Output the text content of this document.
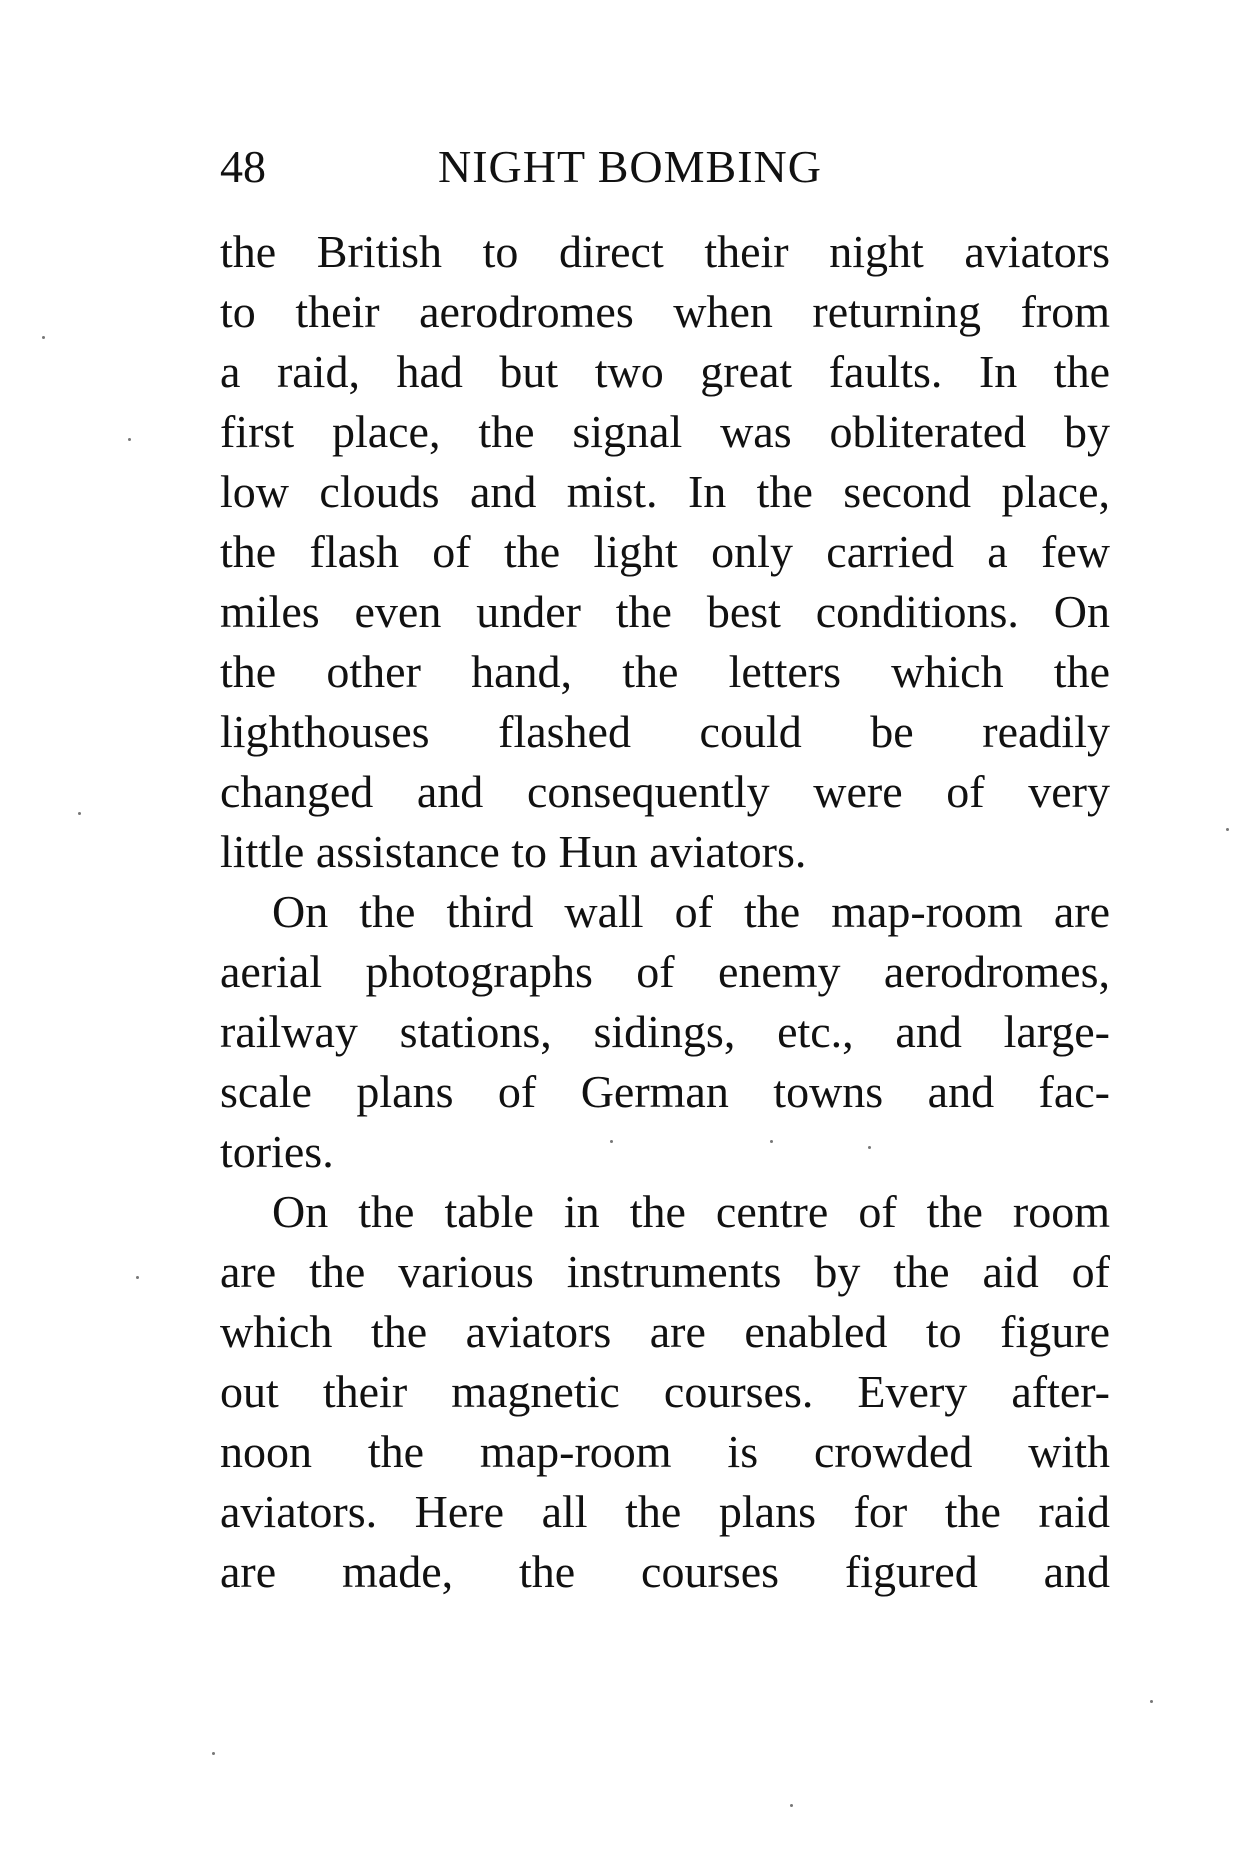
48	NIGHT BOMBING
the British to direct their night aviators
to their aerodromes when returning from
a raid, had but two great faults. In the
first place, the signal was obliterated by
low clouds and mist. In the second place,
the flash of the light only carried a few
miles even under the best conditions. On
the other hand, the letters which the
lighthouses flashed could be readily
changed and consequently were of very
little assistance to Hun aviators.
On the third wall of the map-room are
aerial photographs of enemy aerodromes,
railway stations, sidings, etc., and large-
scale plans of German towns and fac-
tories.
On the table in the centre of the room
are the various instruments by the aid of
which the aviators are enabled to figure
out their magnetic courses. Every after-
noon the map-room is crowded with
aviators. Here all the plans for the raid
are made, the courses figured and
